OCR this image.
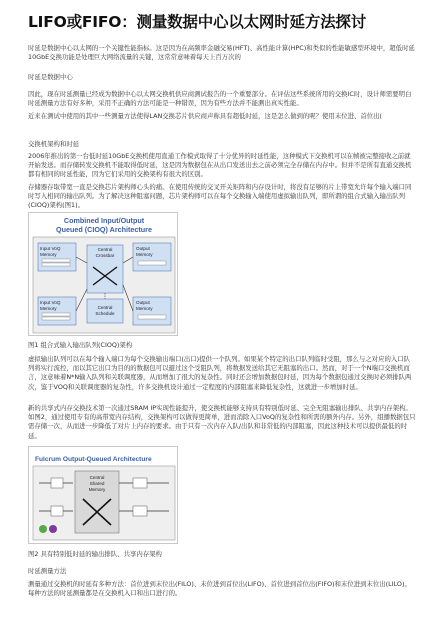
LIFO或FIFO：测量数据中心以太网时延方法探讨

时延是数据中心以太网的一个关键性能指标。这是因为在高频率金融交易(HFT)、高性能计算(HPC)和类似的性能敏感型环境中，超低时延10GbE交换功能是处理巨大网络流量的关键，这常常意味着每天上百万次的

时延是数据中心

因此，现在时延测量已经成为数据中心以太网交换机供应商测试报告的一个重要部分。在评估这些系统所用的交换IC时，设计师需要明白时延测量方法有好多种，采用不正确的方法可能是一种错误，因为有些方法并不能测出真实性能。

近来在测试中使用的其中一些测量方法使得LAN交换芯片供应商声称具有超低时延，这是怎么做到的呢？使用末位进、首位出(

交换机架构和时延

2006年推出的第一台低时延10GbE交换机使用直通工作模式取得了十分优异的时延性能，这种模式下交换机可以在帧被完整接收之前就开始发送。而存储转发交换机不能取得低时延，这是因为数据包在从出口发送出去之前必须完全存储在内存中。但并不是所有直通交换机都有相同的时延性能，因为它们采用的交换架构有很大的区别。

存储器存取带宽一直是交换芯片架构师心头的痛。在使用传统的交叉开关矩阵和内存设计时，将没有足够的片上带宽允许每个输入端口同时写入相同的输出队列。为了解决这种阻塞问题，芯片架构师可以在每个交换输入端使用虚拟输出队列，即所谓的组合式输入输出队列(CIOQ)架构(图1)。

Combined Input/Output
Queued (CIOQ) Architecture
Input VoQ
Memory
Input VoQ
Memory
Central
Crossbar
Central
Schedule
Output
Memory
Output
Memory

图1 组合式输入输出队列(CIOQ)架构

虚拟输出队列可以在每个输入端口为每个交换输出端口(出口)提供一个队列。如果某个特定的出口队列临时受阻，那么与之对应的入口队列将实行流控，而以其它出口为目的的数据包可以避过这个受阻队列，将数据发送给其它无阻塞的出口。然而，对于一个N端口交换机而言，这意味着N*N输入队列和关联调度器，从而增加了很大的复杂性。同时还会增加数据包时延，因为每个数据包通过交换时必须排队两次，鉴于VOQ和关联调度器的复杂性，许多交换机设计通过一定程度的内部阻塞来降低复杂性，这就进一步增加时延。

新的共享式内存交换技术第一次通过SRAM IP实现性能提升，使交换机能够支持具有特别低时延、完全无阻塞输出排队、共享内存架构。 如图2，通过使用专有的高带宽内存结构，交换架构可以做得更简单，进而消除入口VoQ的复杂性和所需的额外内存。另外，组播数据包只需存储一次，从而进一步降低了对片上内存的要求。由于只有一次内存入队/出队和非常低的内部阻塞，因此这种技术可以提供最低的时延。

Fulcrum Output-Queued Architecture
Central
Shared
Memory

图2 具有特别低时延的输出排队、共享内存架构

时延测量方法

测量通过交换机的时延有多种方法：首位进到末位出(FILO)、末位进到首位出(LIFO)、首位进到首位出(FIFO)和末位进到末位出(LILO)。每种方法的时延测量都是在交换机入口和出口进行的。
